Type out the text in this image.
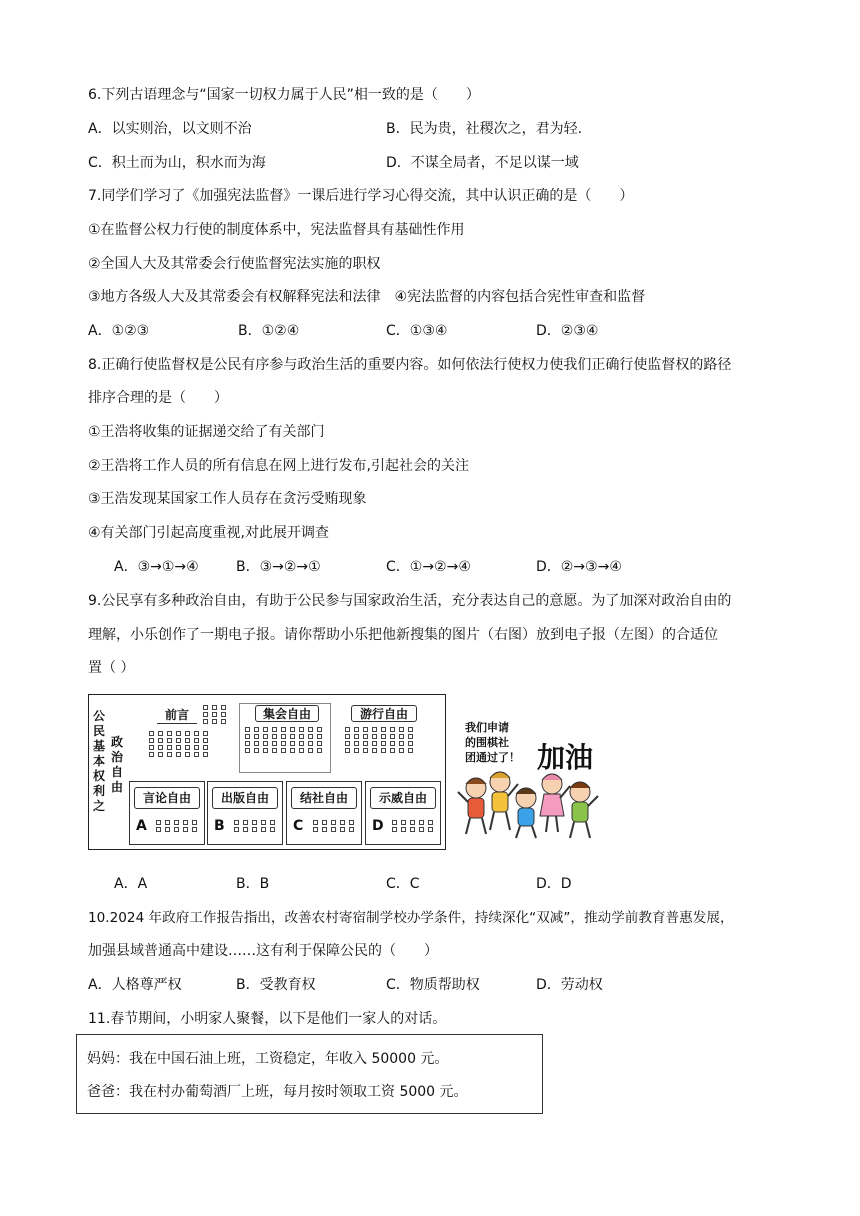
6.下列古语理念与“国家一切权力属于人民”相一致的是（　　）
A．以实则治，以文则不治	B．民为贵，社稷次之，君为轻.
C．积土而为山，积水而为海	D．不谋全局者，不足以谋一域
7.同学们学习了《加强宪法监督》一课后进行学习心得交流，其中认识正确的是（　　）
①在监督公权力行使的制度体系中，宪法监督具有基础性作用
②全国人大及其常委会行使监督宪法实施的职权
③地方各级人大及其常委会有权解释宪法和法律　④宪法监督的内容包括合宪性审查和监督
A．①②③	B．①②④	C．①③④	D．②③④
8.正确行使监督权是公民有序参与政治生活的重要内容。如何依法行使权力使我们正确行使监督权的路径
排序合理的是（　　）
①王浩将收集的证据递交给了有关部门
②王浩将工作人员的所有信息在网上进行发布,引起社会的关注
③王浩发现某国家工作人员存在贪污受贿现象
④有关部门引起高度重视,对此展开调查
A．③→①→④	B．③→②→①	C．①→②→④	D．②→③→④
9.公民享有多种政治自由，有助于公民参与国家政治生活，充分表达自己的意愿。为了加深对政治自由的
理解，小乐创作了一期电子报。请你帮助小乐把他新搜集的图片（右图）放到电子报（左图）的合适位
置（ ）
公民基本权利之
政治自由
前言	集会自由	游行自由
言论自由
A
出版自由
B
结社自由
C
示威自由
D
我们申请
的围棋社
团通过了！ 加油
A．A	B．B	C．C	D．D
10.2024 年政府工作报告指出，改善农村寄宿制学校办学条件，持续深化“双减”，推动学前教育普惠发展，
加强县域普通高中建设……这有利于保障公民的（　　）
A．人格尊严权	B．受教育权	C．物质帮助权	D．劳动权
11.春节期间，小明家人聚餐，以下是他们一家人的对话。
妈妈：我在中国石油上班，工资稳定，年收入 50000 元。
爸爸：我在村办葡萄酒厂上班，每月按时领取工资 5000 元。
